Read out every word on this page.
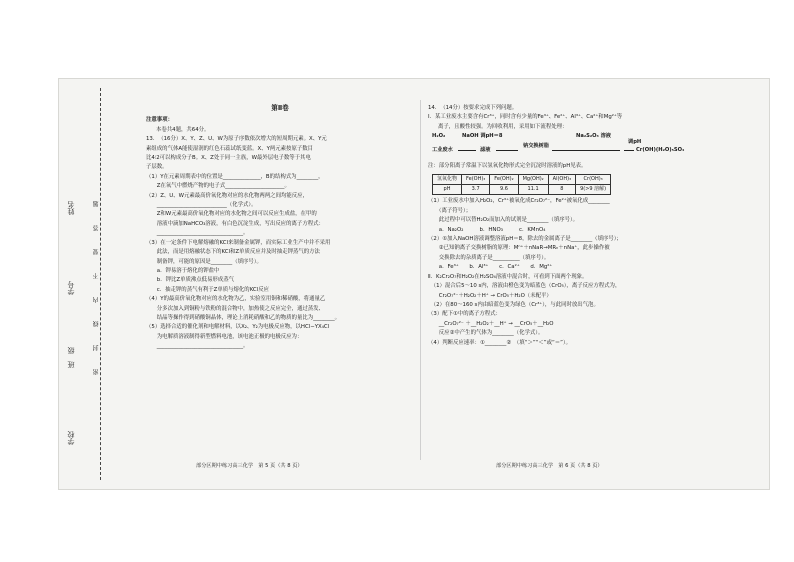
密　　　封　　　线　　　内　　　不　　　要　　　答　　　题
学校
班　级
学号
姓名

第Ⅱ卷

注意事项：

本卷共4题，共64分。

13．　（16分）X、Y、Z、U、W为原子序数依次增大的短周期元素。X、Y元

素组成的气体A能使湿润的红色石蕊试纸变蓝。X、Y两元素按原子数目

比4∶2可以构成分子B。X、Z处于同一主族，W最外层电子数等于其电

子层数。

（1）Y在元素周期表中的位置是______________，B的结构式为________，

　　Z在氧气中燃烧产物的电子式______________________。

（2）Z、U、W元素最高价氧化物对应的水化物两两之间均能反应，

　　__________________________（化学式）。

　　Z和W元素最高价氧化物对应的水化物之间可以反应生成盐，在甲的

　　溶液中滴加NaHCO₃溶液，有白色沉淀生成，写出反应的离子方程式：

　　________________________________。

（3）在一定条件下电解熔融的KCl来制备金属钾，而实际工业生产中并不采用

　　此法，而是用熔融状态下的KCl和Z单质反应并及时抽走钾蒸气的方法

　　制备钾，可能的原因是________（填序号）。

　　a．钾易溶于熔化的钾盐中

　　b．钾比Z单质沸点低易形成蒸气

　　c．抽走钾的蒸气有利于Z单质与熔化的KCl反应

（4）Y的最高价氧化物对应的水化物为乙，实验室用铜和稀硝酸，将通量乙

　　分多次加入到铜粉与铁粉的混合物中，加热使之反应完全，通过蒸发、

　　结晶等操作得到硝酸铜晶体，理论上消耗硝酸和乙的物质的量比为________。

（5）选择合适的催化剂和电解材料，以X₂、Y₂为电极反应物，以HCl−YX₄Cl

　　为电解质溶液制得新型燃料电池，该电池正极的电极反应为：

　　________________________________。

部分区期中练习高三化学　第 5 页（共 8 页）

14．　（14分）按要求完成下列问题。

Ⅰ．某工业废水主要含有Cr³⁺，同时含有少量的Fe³⁺、Fe²⁺、Al³⁺、Ca²⁺和Mg²⁺等

离子，且酸性较强。为回收利用，采用如下流程处理：

H₂O₂	NaOH 调pH＝8	Na₂S₂O₃ 溶液
调pH
工业废水	滤液
钠交换树脂
Cr(OH)(H₂O)₅SO₄

注：部分阳离子常温下以氢氧化物形式完全沉淀时溶液的pH见表。

氢氧化物	Fe(OH)₃	Fe(OH)₂	Mg(OH)₂	Al(OH)₃	Cr(OH)₃
pH	3.7	9.6	11.1	8	9(>9 溶解)

（1）工业废水中加入H₂O₂，Cr³⁺被氧化成Cr₂O₇²⁻，Fe²⁺被氧化成________

　　（离子符号）；

　　此过程中可以替H₂O₂而加入的试剂是________（填序号）。

　　a．Na₂O₂　　　b．HNO₃　　　c．KMnO₄

（2）①加入NaOH溶液调整溶液pH＝8，除去的金属离子是________（填序号）；

　　②已知钠离子交换树脂的原理：Mⁿ⁺＋nNaR→MRₙ＋nNa⁺，此步操作被

　　交换除去的杂质离子是__________（填序号）。

　　a．Fe³⁺　　b．Al³⁺　　c．Ca²⁺　　d．Mg²⁺

Ⅱ．K₂Cr₂O₇和H₂O₂在H₂SO₄溶液中混合时，可看到下面两个现象。

　（1）混合后5～10 s内，溶液由橙色变为暗蓝色（CrO₅），离子反应方程式为，

　　Cr₂O₇²⁻＋H₂O₂＋H⁺ → CrO₅＋H₂O（未配平）

　（2）在80～160 s内由暗蓝色变为绿色（Cr³⁺），与此同时放出气泡。

（3）配下①中的离子方程式：

　　__Cr₂O₇²⁻ ＋__H₂O₂＋__H⁺ → __CrO₅＋__H₂O

　　反应②中产生的气体为________（化学式）。

（4）判断反应速率：①________②　（填“＞”“＜”或“＝”）。

部分区期中练习高三化学　第 6 页（共 8 页）
